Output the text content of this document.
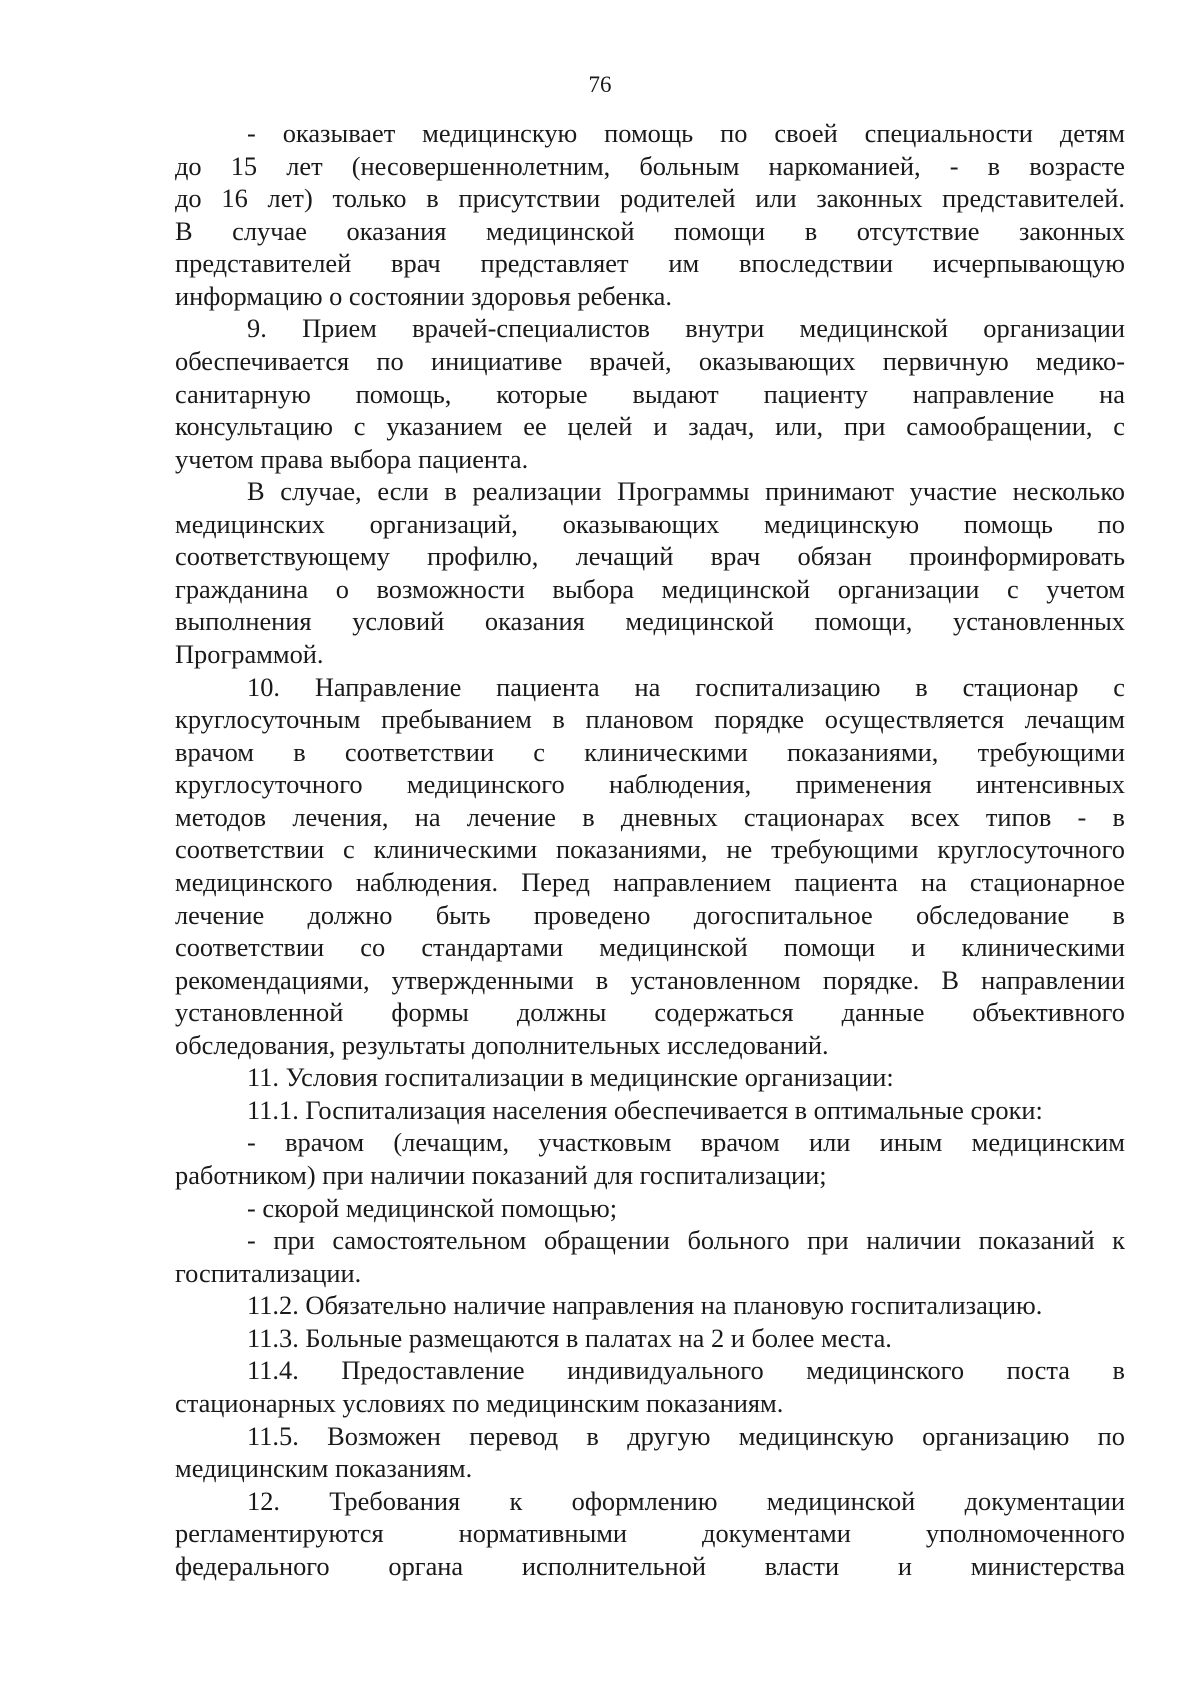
76
- оказывает медицинскую помощь по своей специальности детям
до 15 лет (несовершеннолетним, больным наркоманией, - в возрасте
до 16 лет) только в присутствии родителей или законных представителей.
В случае оказания медицинской помощи в отсутствие законных
представителей врач представляет им впоследствии исчерпывающую
информацию о состоянии здоровья ребенка.
9. Прием врачей-специалистов внутри медицинской организации
обеспечивается по инициативе врачей, оказывающих первичную медико-
санитарную помощь, которые выдают пациенту направление на
консультацию с указанием ее целей и задач, или, при самообращении, с
учетом права выбора пациента.
В случае, если в реализации Программы принимают участие несколько
медицинских организаций, оказывающих медицинскую помощь по
соответствующему профилю, лечащий врач обязан проинформировать
гражданина о возможности выбора медицинской организации с учетом
выполнения условий оказания медицинской помощи, установленных
Программой.
10. Направление пациента на госпитализацию в стационар с
круглосуточным пребыванием в плановом порядке осуществляется лечащим
врачом в соответствии с клиническими показаниями, требующими
круглосуточного медицинского наблюдения, применения интенсивных
методов лечения, на лечение в дневных стационарах всех типов - в
соответствии с клиническими показаниями, не требующими круглосуточного
медицинского наблюдения. Перед направлением пациента на стационарное
лечение должно быть проведено догоспитальное обследование в
соответствии со стандартами медицинской помощи и клиническими
рекомендациями, утвержденными в установленном порядке. В направлении
установленной формы должны содержаться данные объективного
обследования, результаты дополнительных исследований.
11. Условия госпитализации в медицинские организации:
11.1. Госпитализация населения обеспечивается в оптимальные сроки:
- врачом (лечащим, участковым врачом или иным медицинским
работником) при наличии показаний для госпитализации;
- скорой медицинской помощью;
- при самостоятельном обращении больного при наличии показаний к
госпитализации.
11.2. Обязательно наличие направления на плановую госпитализацию.
11.3. Больные размещаются в палатах на 2 и более места.
11.4. Предоставление индивидуального медицинского поста в
стационарных условиях по медицинским показаниям.
11.5. Возможен перевод в другую медицинскую организацию по
медицинским показаниям.
12. Требования к оформлению медицинской документации
регламентируются нормативными документами уполномоченного
федерального органа исполнительной власти и министерства
